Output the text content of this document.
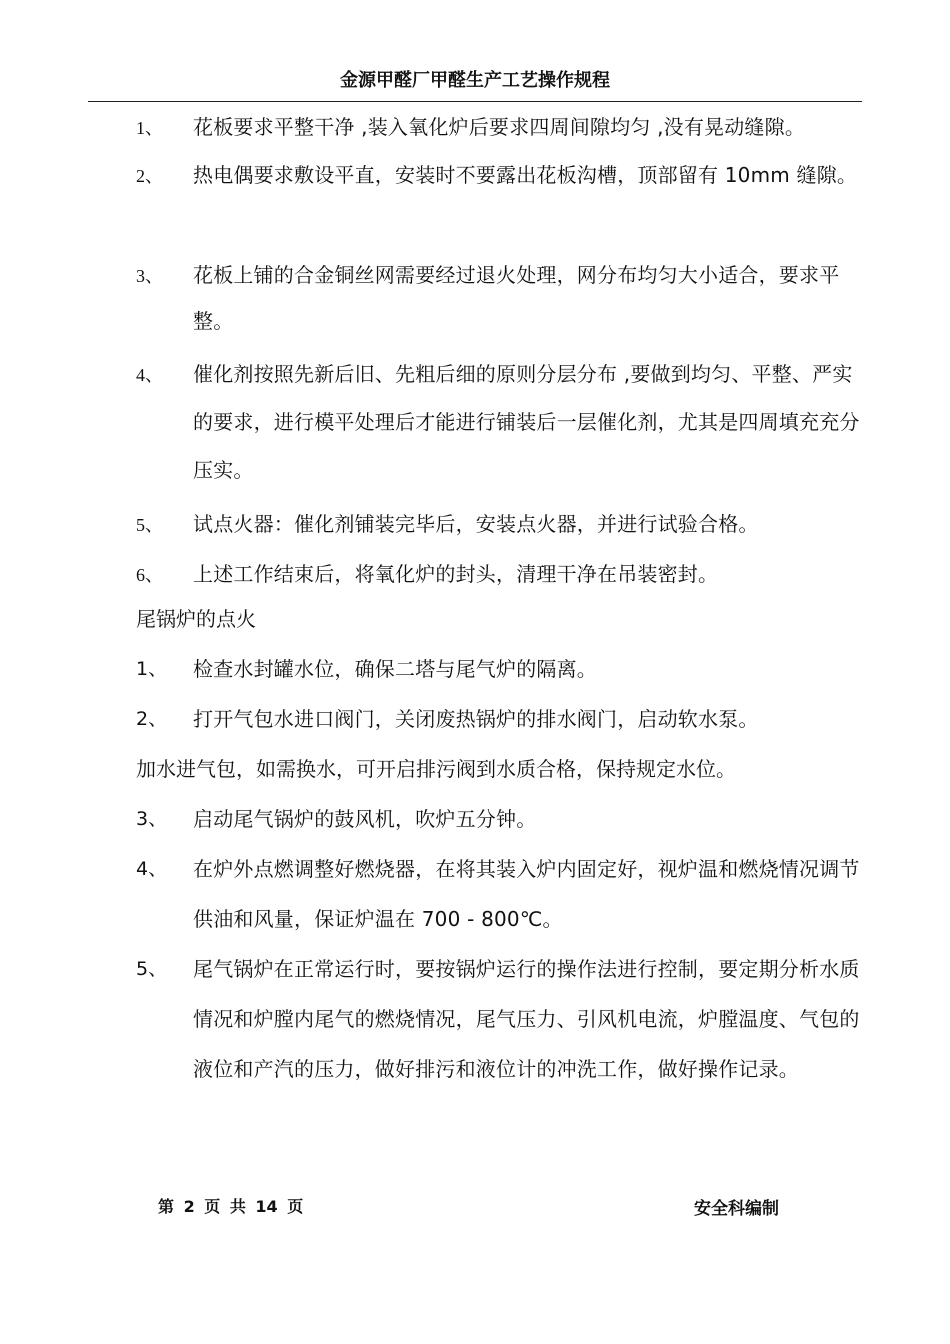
金源甲醛厂甲醛生产工艺操作规程
1、	花板要求平整干净 ,装入氧化炉后要求四周间隙均匀 ,没有晃动缝隙。
2、	热电偶要求敷设平直，安装时不要露出花板沟槽，顶部留有 10mm 缝隙。
3、	花板上铺的合金铜丝网需要经过退火处理，网分布均匀大小适合，要求平整。
4、	催化剂按照先新后旧、先粗后细的原则分层分布 ,要做到均匀、平整、严实的要求，进行模平处理后才能进行铺装后一层催化剂，尤其是四周填充充分压实。
5、	试点火器：催化剂铺装完毕后，安装点火器，并进行试验合格。
6、	上述工作结束后，将氧化炉的封头，清理干净在吊装密封。
尾锅炉的点火
1、	检查水封罐水位，确保二塔与尾气炉的隔离。
2、	打开气包水进口阀门，关闭废热锅炉的排水阀门，启动软水泵。
加水进气包，如需换水，可开启排污阀到水质合格，保持规定水位。
3、	启动尾气锅炉的鼓风机，吹炉五分钟。
4、	在炉外点燃调整好燃烧器，在将其装入炉内固定好，视炉温和燃烧情况调节供油和风量，保证炉温在 700 - 800℃。
5、	尾气锅炉在正常运行时，要按锅炉运行的操作法进行控制，要定期分析水质情况和炉膛内尾气的燃烧情况，尾气压力、引风机电流，炉膛温度、气包的液位和产汽的压力，做好排污和液位计的冲洗工作，做好操作记录。
第 2 页 共 14 页	安全科编制
